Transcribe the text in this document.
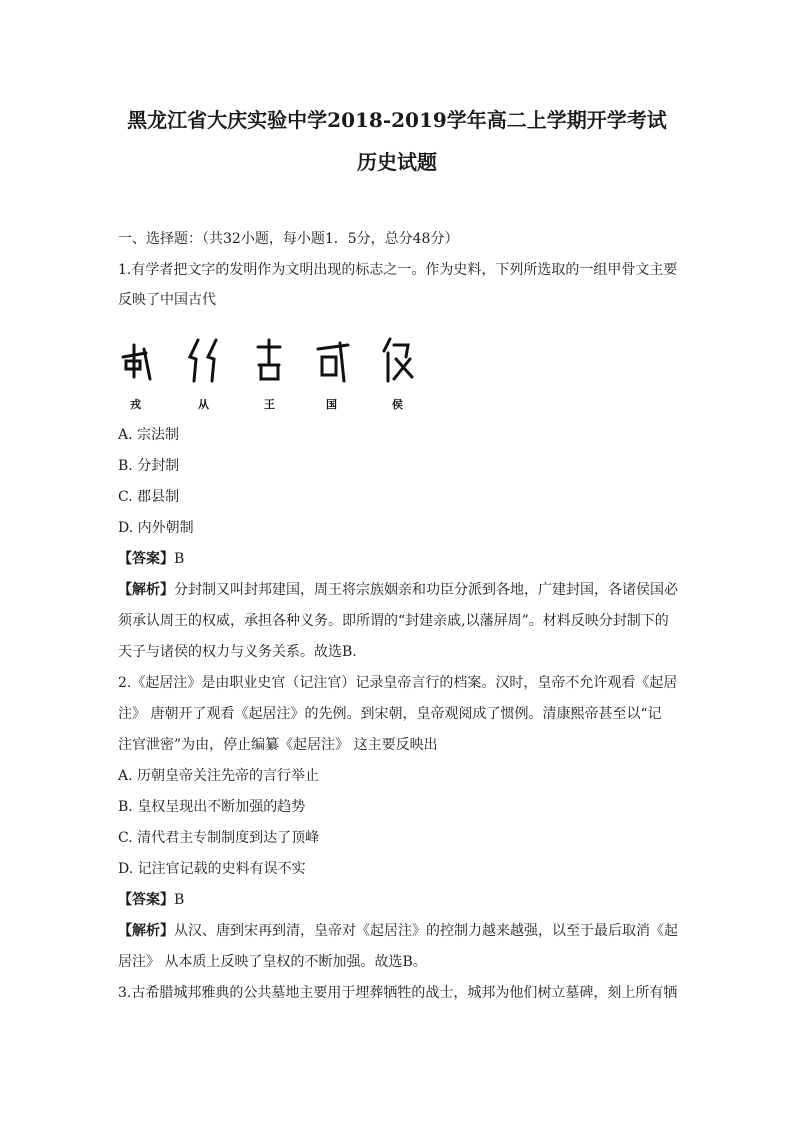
黑龙江省大庆实验中学2018-2019学年高二上学期开学考试
历史试题
一、选择题：（共32小题，每小题1．5分，总分48分）
1.有学者把文字的发明作为文明出现的标志之一。作为史料，下列所选取的一组甲骨文主要
反映了中国古代
戎	从	王	国	侯
A. 宗法制
B. 分封制
C. 郡县制
D. 内外朝制
【答案】B
【解析】分封制又叫封邦建国，周王将宗族姻亲和功臣分派到各地，广建封国，各诸侯国必
须承认周王的权威，承担各种义务。即所谓的“封建亲戚,以藩屏周”。材料反映分封制下的
天子与诸侯的权力与义务关系。故选B.
2.《起居注》是由职业史官（记注官）记录皇帝言行的档案。汉时，皇帝不允许观看《起居
注》 唐朝开了观看《起居注》的先例。到宋朝，皇帝观阅成了惯例。清康熙帝甚至以“记
注官泄密”为由，停止编纂《起居注》 这主要反映出
A. 历朝皇帝关注先帝的言行举止
B. 皇权呈现出不断加强的趋势
C. 清代君主专制制度到达了顶峰
D. 记注官记载的史料有误不实
【答案】B
【解析】从汉、唐到宋再到清，皇帝对《起居注》的控制力越来越强，以至于最后取消《起
居注》 从本质上反映了皇权的不断加强。故选B。
3.古希腊城邦雅典的公共墓地主要用于埋葬牺牲的战士，城邦为他们树立墓碑，刻上所有牺
